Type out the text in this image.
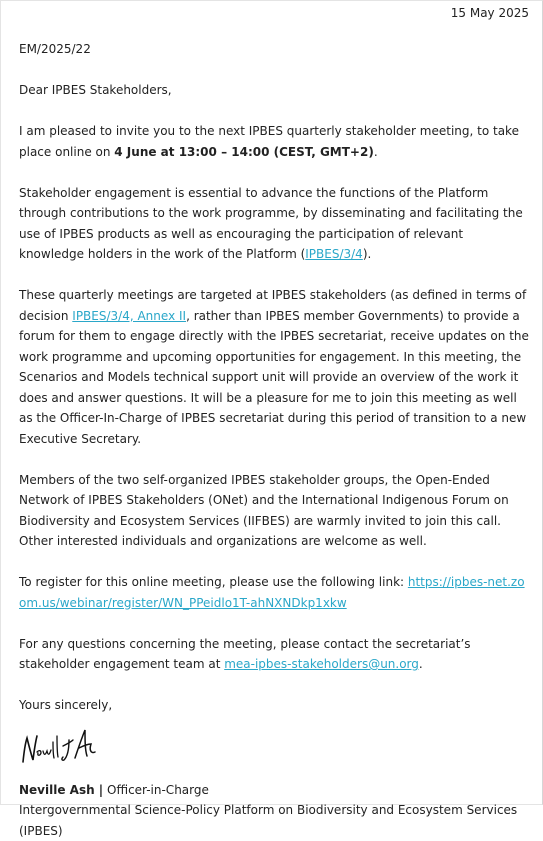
15 May 2025

EM/2025/22

Dear IPBES Stakeholders,

I am pleased to invite you to the next IPBES quarterly stakeholder meeting, to take place online on 4 June at 13:00 – 14:00 (CEST, GMT+2).

Stakeholder engagement is essential to advance the functions of the Platform through contributions to the work programme, by disseminating and facilitating the use of IPBES products as well as encouraging the participation of relevant knowledge holders in the work of the Platform (IPBES/3/4).

These quarterly meetings are targeted at IPBES stakeholders (as defined in terms of decision IPBES/3/4, Annex II, rather than IPBES member Governments) to provide a forum for them to engage directly with the IPBES secretariat, receive updates on the work programme and upcoming opportunities for engagement. In this meeting, the Scenarios and Models technical support unit will provide an overview of the work it does and answer questions. It will be a pleasure for me to join this meeting as well as the Officer-In-Charge of IPBES secretariat during this period of transition to a new Executive Secretary.

Members of the two self-organized IPBES stakeholder groups, the Open-Ended Network of IPBES Stakeholders (ONet) and the International Indigenous Forum on Biodiversity and Ecosystem Services (IIFBES) are warmly invited to join this call. Other interested individuals and organizations are welcome as well.

To register for this online meeting, please use the following link: https://ipbes-net.zoom.us/webinar/register/WN_PPeidlo1T-ahNXNDkp1xkw

For any questions concerning the meeting, please contact the secretariat’s stakeholder engagement team at mea-ipbes-stakeholders@un.org.

Yours sincerely,

Neville Ash | Officer-in-Charge

Intergovernmental Science-Policy Platform on Biodiversity and Ecosystem Services (IPBES)
